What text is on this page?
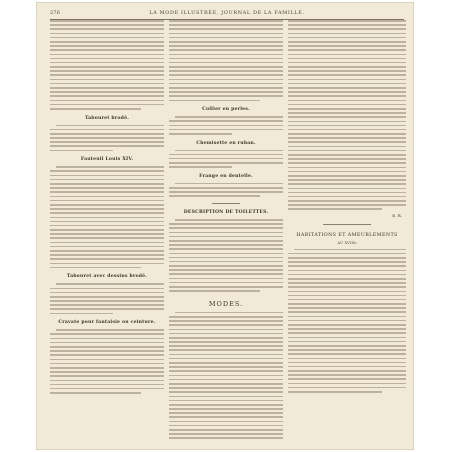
276	LA MODE ILLUSTRÉE, JOURNAL DE LA FAMILLE.
Tabouret brodé.
Fauteuil Louis XIV.
Tabouret avec dessins brodé.
Cravate pour fantaisie ou ceinture.
Collier en perles.
Chemisette en ruban.
Frange en dentelle.
DESCRIPTION DE TOILETTES.
MODES.
E. R.
HABITATIONS ET AMEUBLEMENTS
AU XVIIIe
